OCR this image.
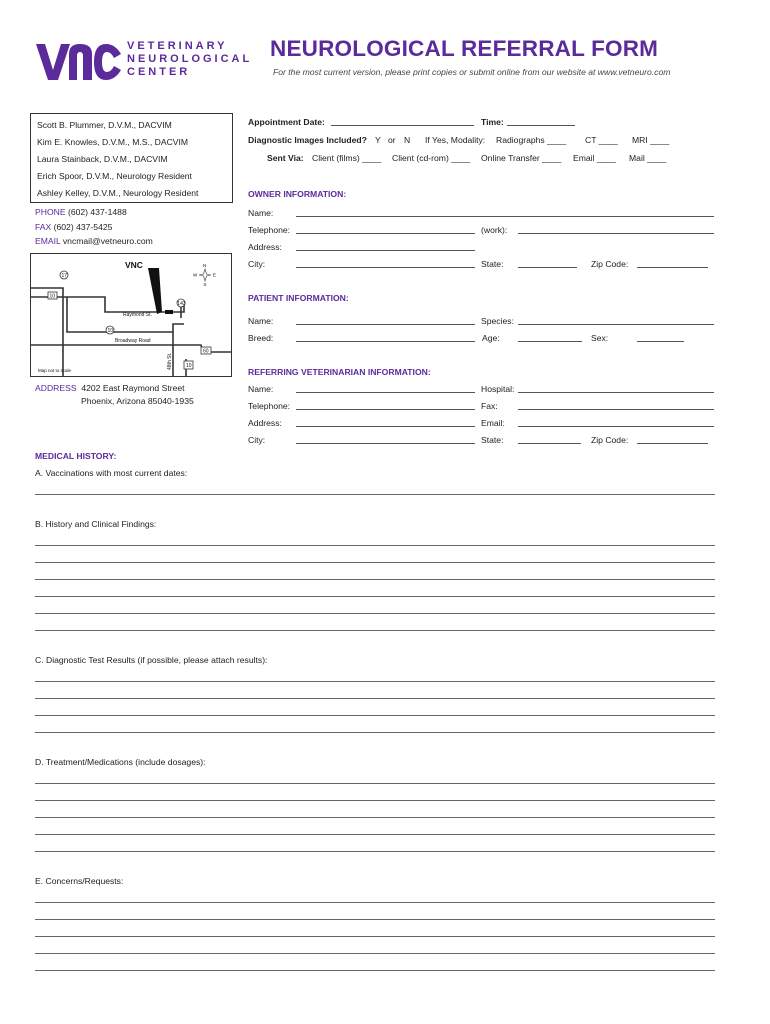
VETERINARY
NEUROLOGICAL
CENTER
NEUROLOGICAL REFERRAL FORM
For the most current version, please print copies or submit online from our website at www.vetneuro.com
Scott B. Plummer, D.V.M., DACVIM
Kim E. Knowles, D.V.M., M.S., DACVIM
Laura Stainback, D.V.M., DACVIM
Erich Spoor, D.V.M., Neurology Resident
Ashley Kelley, D.V.M., Neurology Resident
PHONE (602) 437-1488
FAX (602) 437-5425
EMAIL vncmail@vetneuro.com
17
10
143
10
60
10
Raymond St.
Broadway Road
48th St.
Map not to scale
VNC	N
S
W	E
ADDRESS 4202 East Raymond Street
Phoenix, Arizona 85040-1935
Appointment Date:	Time:
Diagnostic Images Included? Y or N If Yes, Modality: Radiographs ____ CT ____ MRI ____
Sent Via: Client (films) ____ Client (cd-rom) ____ Online Transfer ____ Email ____ Mail ____
OWNER INFORMATION:
Name:
Telephone:	(work):
Address:
City:	State:	Zip Code:
PATIENT INFORMATION:
Name:	Species:
Breed:	Age:	Sex:
REFERRING VETERINARIAN INFORMATION:
Name:	Hospital:
Telephone:	Fax:
Address:	Email:
City:	State:	Zip Code:
MEDICAL HISTORY:
A. Vaccinations with most current dates:
B. History and Clinical Findings:
C. Diagnostic Test Results (if possible, please attach results):
D. Treatment/Medications (include dosages):
E. Concerns/Requests:
